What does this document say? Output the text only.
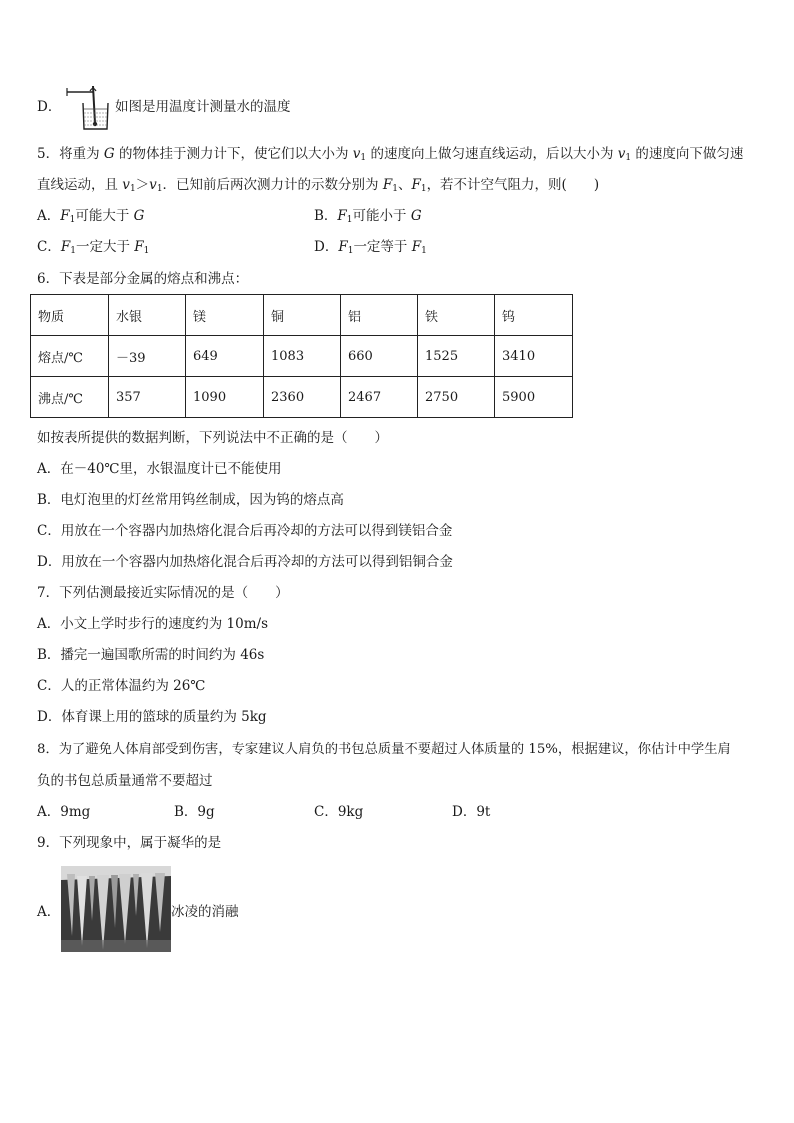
D．	如图是用温度计测量水的温度
5．将重为 G 的物体挂于测力计下，使它们以大小为 $v_1$ 的速度向上做匀速直线运动，后以大小为 $v_1$ 的速度向下做匀速
直线运动，且 $v_1>v_1$．已知前后两次测力计的示数分别为 $F_1$、$F_1$，若不计空气阻力，则(　　)
A．$F_1$可能大于 G	B．$F_1$可能小于 G
C．$F_1$一定大于 $F_1$	D．$F_1$一定等于 $F_1$
6．下表是部分金属的熔点和沸点：
物质	水银	镁	铜	铝	铁	钨
熔点/℃	－39	649	1083	660	1525	3410
沸点/℃	357	1090	2360	2467	2750	5900
如按表所提供的数据判断，下列说法中不正确的是（　　）
A．在－40℃里，水银温度计已不能使用
B．电灯泡里的灯丝常用钨丝制成，因为钨的熔点高
C．用放在一个容器内加热熔化混合后再冷却的方法可以得到镁铝合金
D．用放在一个容器内加热熔化混合后再冷却的方法可以得到铝铜合金
7．下列估测最接近实际情况的是（　　）
A．小文上学时步行的速度约为 10m/s
B．播完一遍国歌所需的时间约为 46s
C．人的正常体温约为 26℃
D．体育课上用的篮球的质量约为 5kg
8．为了避免人体肩部受到伤害，专家建议人肩负的书包总质量不要超过人体质量的 15%，根据建议，你估计中学生肩
负的书包总质量通常不要超过
A．9mg	B．9g	C．9kg	D．9t
9．下列现象中，属于凝华的是
A．	冰凌的消融
